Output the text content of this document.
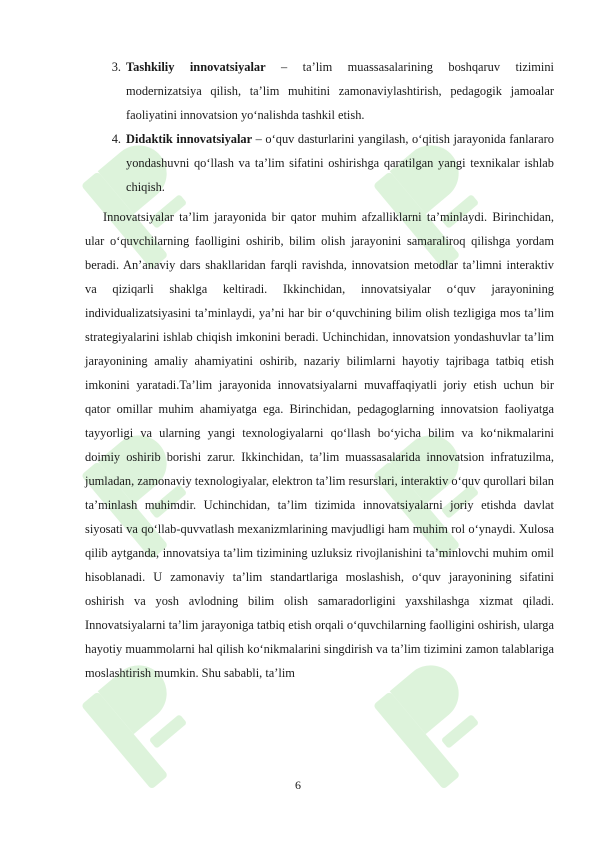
3. Tashkiliy innovatsiyalar – ta’lim muassasalarining boshqaruv tizimini modernizatsiya qilish, ta’lim muhitini zamonaviylashtirish, pedagogik jamoalar faoliyatini innovatsion yo‘nalishda tashkil etish.
4. Didaktik innovatsiyalar – o‘quv dasturlarini yangilash, o‘qitish jarayonida fanlararo yondashuvni qo‘llash va ta’lim sifatini oshirishga qaratilgan yangi texnikalar ishlab chiqish.

Innovatsiyalar ta’lim jarayonida bir qator muhim afzalliklarni ta’minlaydi. Birinchidan, ular o‘quvchilarning faolligini oshirib, bilim olish jarayonini samaraliroq qilishga yordam beradi. An’anaviy dars shakllaridan farqli ravishda, innovatsion metodlar ta’limni interaktiv va qiziqarli shaklga keltiradi. Ikkinchidan, innovatsiyalar o‘quv jarayonining individualizatsiyasini ta’minlaydi, ya’ni har bir o‘quvchining bilim olish tezligiga mos ta’lim strategiyalarini ishlab chiqish imkonini beradi. Uchinchidan, innovatsion yondashuvlar ta’lim jarayonining amaliy ahamiyatini oshirib, nazariy bilimlarni hayotiy tajribaga tatbiq etish imkonini yaratadi.Ta’lim jarayonida innovatsiyalarni muvaffaqiyatli joriy etish uchun bir qator omillar muhim ahamiyatga ega. Birinchidan, pedagoglarning innovatsion faoliyatga tayyorligi va ularning yangi texnologiyalarni qo‘llash bo‘yicha bilim va ko‘nikmalarini doimiy oshirib borishi zarur. Ikkinchidan, ta’lim muassasalarida innovatsion infratuzilma, jumladan, zamonaviy texnologiyalar, elektron ta’lim resurslari, interaktiv o‘quv qurollari bilan ta’minlash muhimdir. Uchinchidan, ta’lim tizimida innovatsiyalarni joriy etishda davlat siyosati va qo‘llab-quvvatlash mexanizmlarining mavjudligi ham muhim rol o‘ynaydi. Xulosa qilib aytganda, innovatsiya ta’lim tizimining uzluksiz rivojlanishini ta’minlovchi muhim omil hisoblanadi. U zamonaviy ta’lim standartlariga moslashish, o‘quv jarayonining sifatini oshirish va yosh avlodning bilim olish samaradorligini yaxshilashga xizmat qiladi. Innovatsiyalarni ta’lim jarayoniga tatbiq etish orqali o‘quvchilarning faolligini oshirish, ularga hayotiy muammolarni hal qilish ko‘nikmalarini singdirish va ta’lim tizimini zamon talablariga moslashtirish mumkin. Shu sababli, ta’lim

6
